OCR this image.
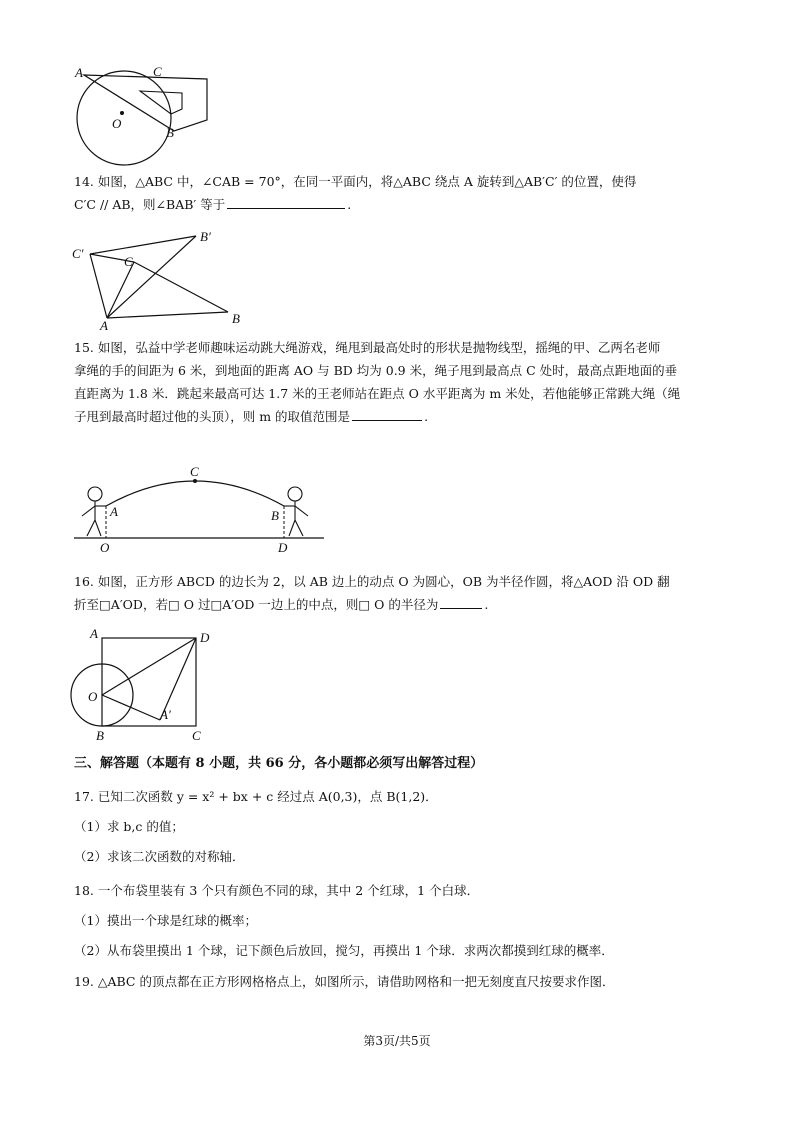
A	C
O
B
14. 如图，△ABC 中，∠CAB = 70°，在同一平面内，将△ABC 绕点 A 旋转到△AB′C′ 的位置，使得
C′C // AB，则∠BAB′ 等于	.
B′
C′
C
A	B
15. 如图，弘益中学老师趣味运动跳大绳游戏，绳甩到最高处时的形状是抛物线型，摇绳的甲、乙两名老师
拿绳的手的间距为 6 米，到地面的距离 AO 与 BD 均为 0.9 米，绳子甩到最高点 C 处时，最高点距地面的垂
直距离为 1.8 米．跳起来最高可达 1.7 米的王老师站在距点 O 水平距离为 m 米处，若他能够正常跳大绳（绳
子甩到最高时超过他的头顶），则 m 的取值范围是	.
C
A	B
O	D
16. 如图，正方形 ABCD 的边长为 2，以 AB 边上的动点 O 为圆心，OB 为半径作圆，将△AOD 沿 OD 翻
折至□A′OD，若□ O 过□A′OD 一边上的中点，则□ O 的半径为	.
A	D
O
A′
B	C
三、解答题（本题有 8 小题，共 66 分，各小题都必须写出解答过程）
17. 已知二次函数 y = x² + bx + c 经过点 A(0,3)，点 B(1,2)．
（1）求 b,c 的值；
（2）求该二次函数的对称轴．
18. 一个布袋里装有 3 个只有颜色不同的球，其中 2 个红球，1 个白球．
（1）摸出一个球是红球的概率；
（2）从布袋里摸出 1 个球，记下颜色后放回，搅匀，再摸出 1 个球．求两次都摸到红球的概率．
19. △ABC 的顶点都在正方形网格格点上，如图所示，请借助网格和一把无刻度直尺按要求作图．
第3页/共5页
